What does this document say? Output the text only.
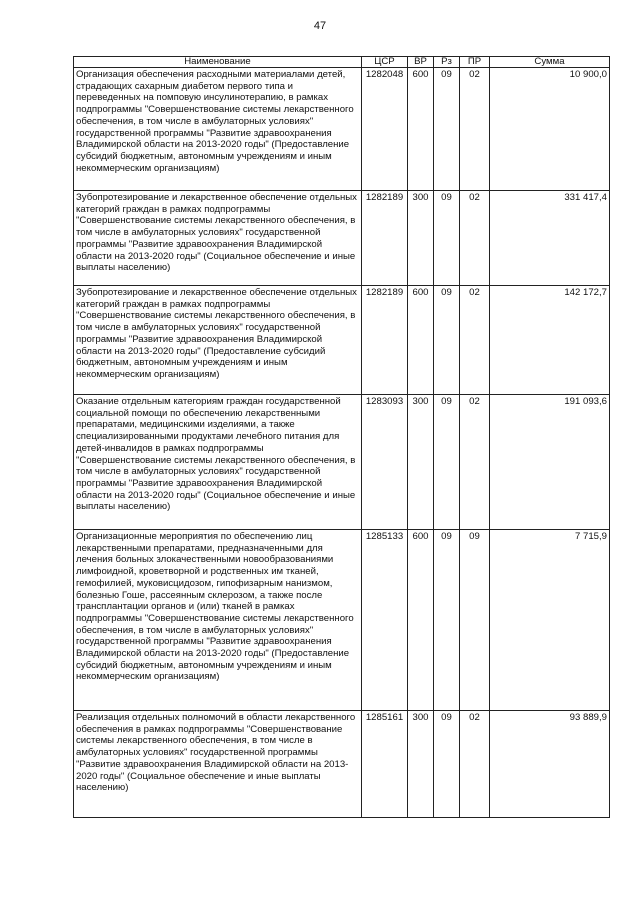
47
Наименование	ЦСР	ВР	Рз	ПР	Сумма
Организация обеспечения расходными материалами детей, страдающих сахарным диабетом первого типа и переведенных на помповую инсулинотерапию, в рамках подпрограммы "Совершенствование системы лекарственного обеспечения, в том числе в амбулаторных условиях" государственной программы "Развитие здравоохранения Владимирской области на 2013-2020 годы" (Предоставление субсидий бюджетным, автономным учреждениям и иным некоммерческим организациям)	1282048	600	09	02	10 900,0
Зубопротезирование и лекарственное обеспечение отдельных категорий граждан в рамках подпрограммы "Совершенствование системы лекарственного обеспечения, в том числе в амбулаторных условиях" государственной программы "Развитие здравоохранения Владимирской области на 2013-2020 годы" (Социальное обеспечение и иные выплаты населению)	1282189	300	09	02	331 417,4
Зубопротезирование и лекарственное обеспечение отдельных категорий граждан в рамках подпрограммы "Совершенствование системы лекарственного обеспечения, в том числе в амбулаторных условиях" государственной программы "Развитие здравоохранения Владимирской области на 2013-2020 годы" (Предоставление субсидий бюджетным, автономным учреждениям и иным некоммерческим организациям)	1282189	600	09	02	142 172,7
Оказание отдельным категориям граждан государственной социальной помощи по обеспечению лекарственными препаратами, медицинскими изделиями, а также специализированными продуктами лечебного питания для детей-инвалидов в рамках подпрограммы "Совершенствование системы лекарственного обеспечения, в том числе в амбулаторных условиях" государственной программы "Развитие здравоохранения Владимирской области на 2013-2020 годы" (Социальное обеспечение и иные выплаты населению)	1283093	300	09	02	191 093,6
Организационные мероприятия по обеспечению лиц лекарственными препаратами, предназначенными для лечения больных злокачественными новообразованиями лимфоидной, кроветворной и родственных им тканей, гемофилией, муковисцидозом, гипофизарным нанизмом, болезнью Гоше, рассеянным склерозом, а также после трансплантации органов и (или) тканей в рамках подпрограммы "Совершенствование системы лекарственного обеспечения, в том числе в амбулаторных условиях" государственной программы "Развитие здравоохранения Владимирской области на 2013-2020 годы" (Предоставление субсидий бюджетным, автономным учреждениям и иным некоммерческим организациям)	1285133	600	09	09	7 715,9
Реализация отдельных полномочий в области лекарственного обеспечения в рамках подпрограммы "Совершенствование системы лекарственного обеспечения, в том числе в амбулаторных условиях" государственной программы "Развитие здравоохранения Владимирской области на 2013-2020 годы" (Социальное обеспечение и иные выплаты населению)	1285161	300	09	02	93 889,9
